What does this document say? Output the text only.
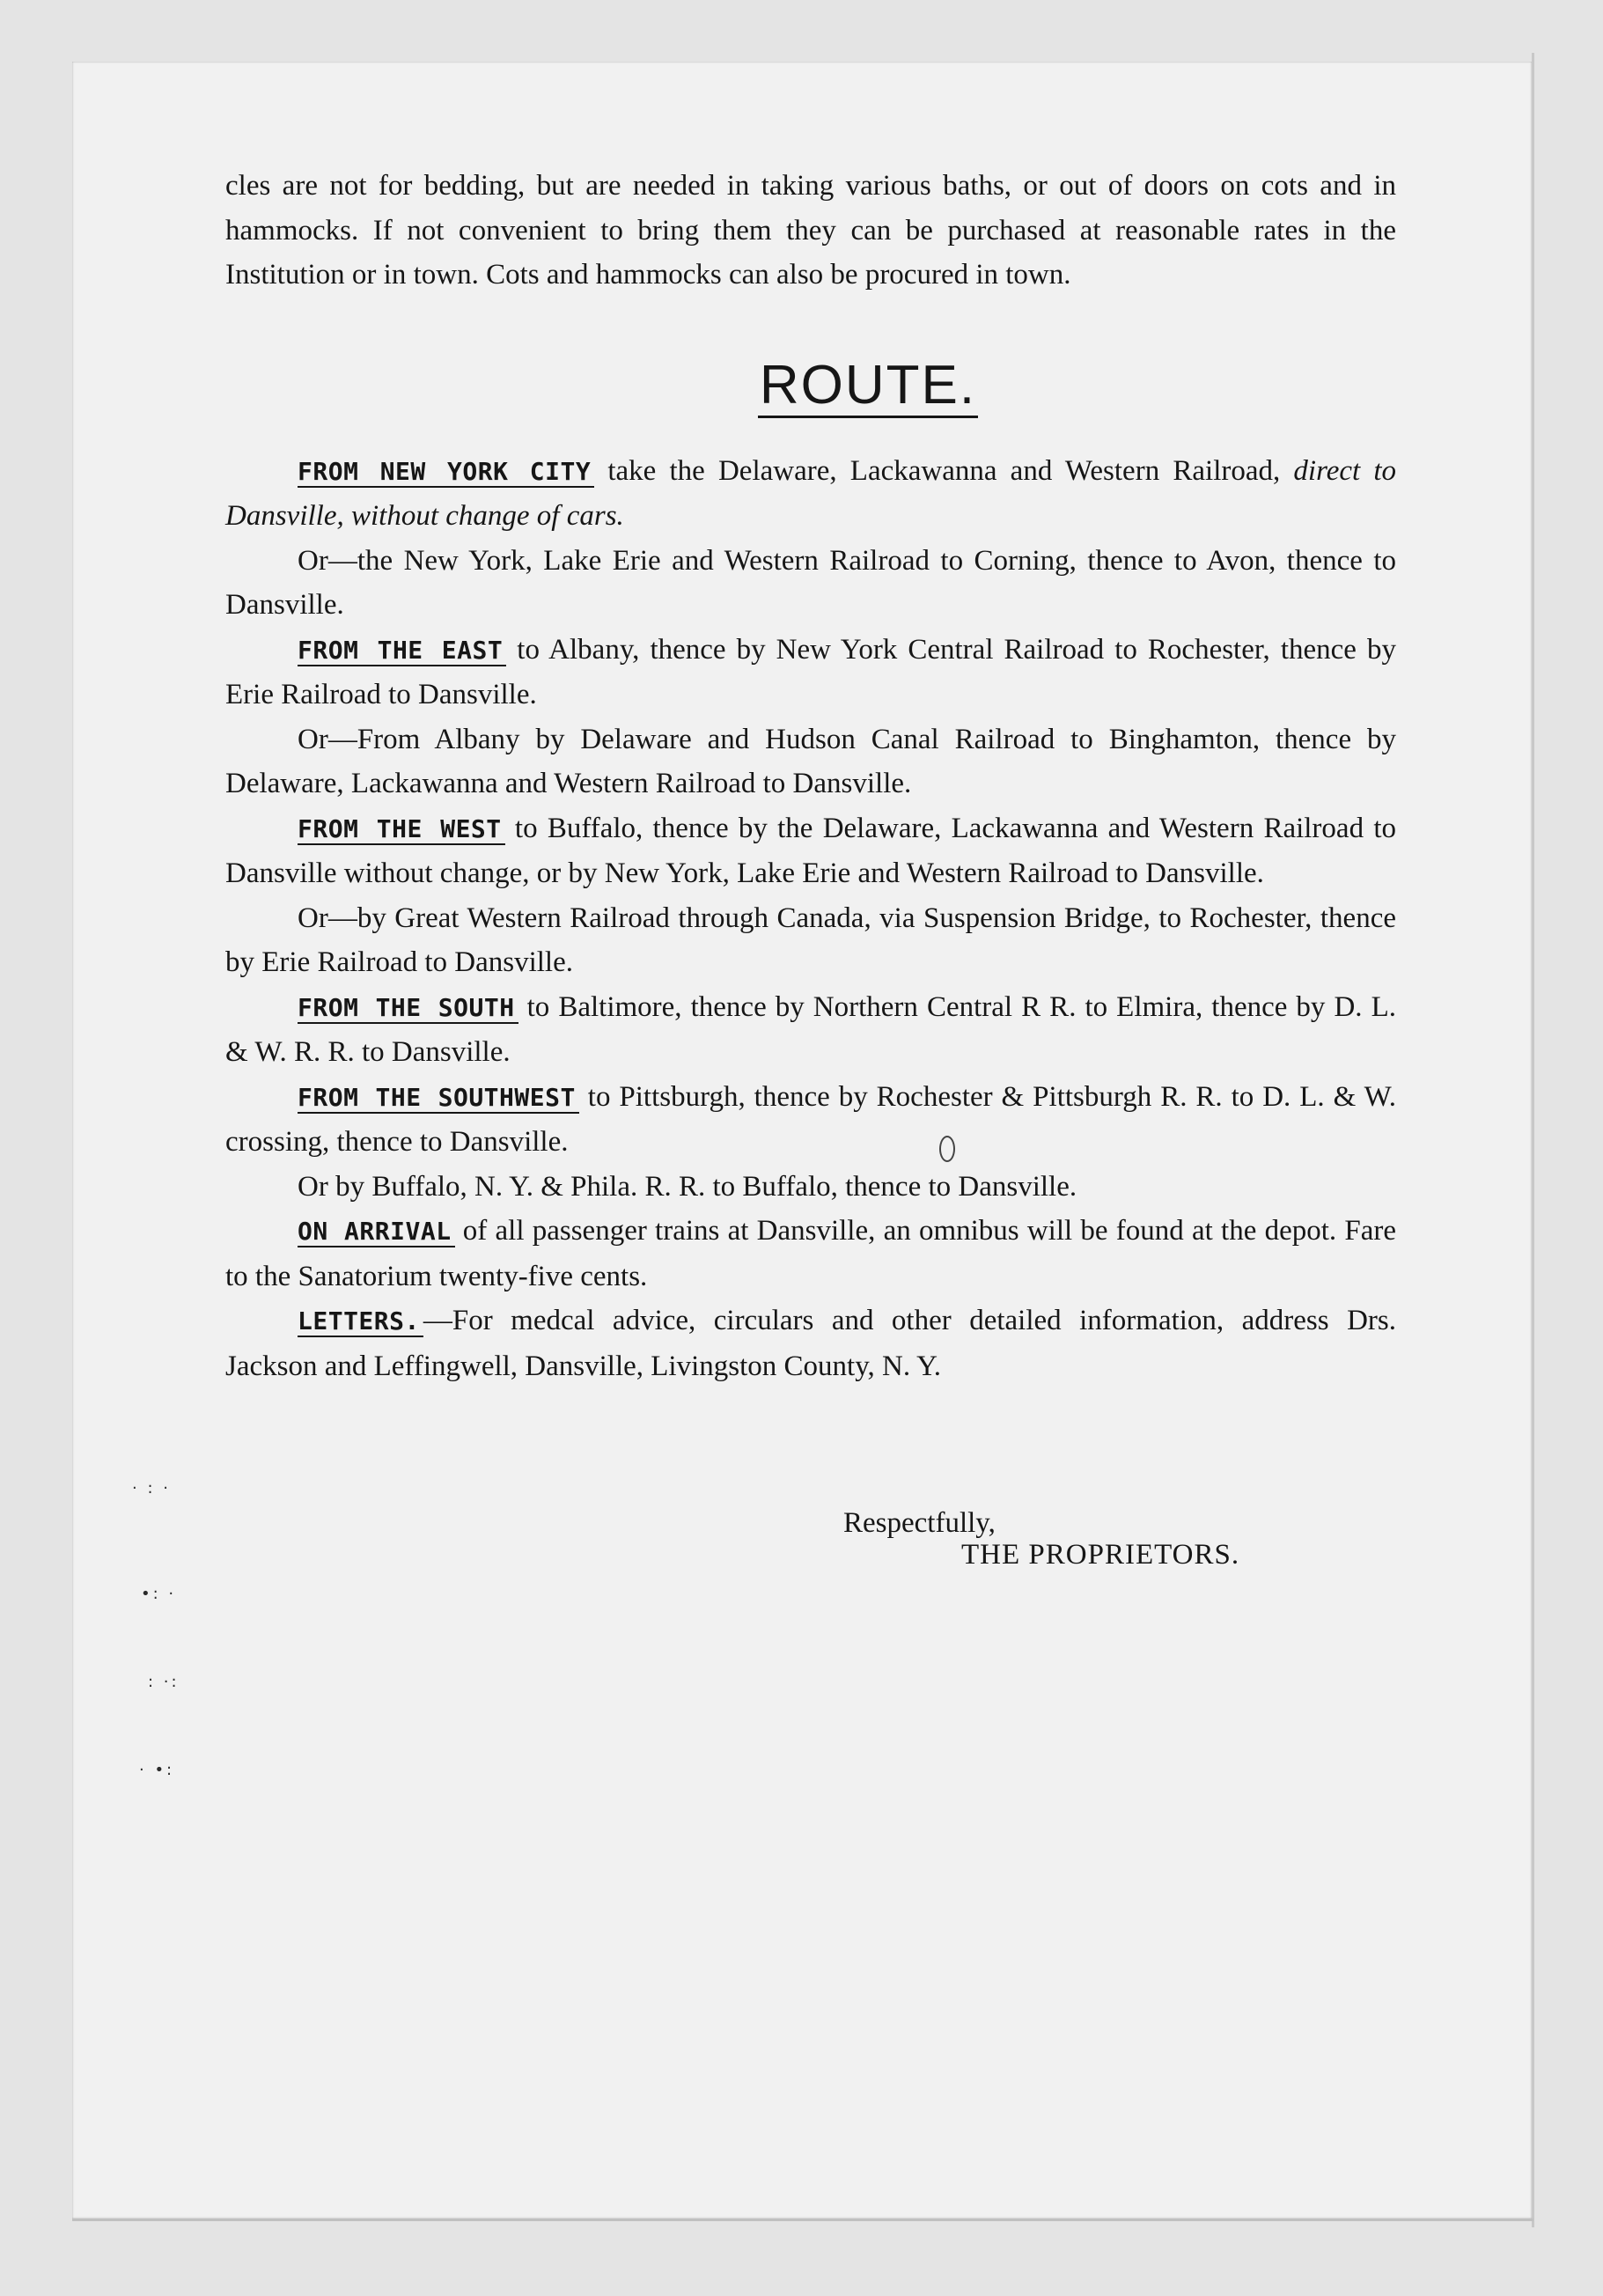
cles are not for bedding, but are needed in taking various baths, or out of doors on cots and in hammocks. If not convenient to bring them they can be purchased at reasonable rates in the Institution or in town. Cots and hammocks can also be procured in town.

ROUTE.

FROM NEW YORK CITY take the Delaware, Lackawanna and Western Railroad, direct to Dansville, without change of cars.

Or—the New York, Lake Erie and Western Railroad to Corning, thence to Avon, thence to Dansville.

FROM THE EAST to Albany, thence by New York Central Railroad to Rochester, thence by Erie Railroad to Dansville.

Or—From Albany by Delaware and Hudson Canal Railroad to Binghamton, thence by Delaware, Lackawanna and Western Railroad to Dansville.

FROM THE WEST to Buffalo, thence by the Delaware, Lackawanna and Western Railroad to Dansville without change, or by New York, Lake Erie and Western Railroad to Dansville.

Or—by Great Western Railroad through Canada, via Suspension Bridge, to Rochester, thence by Erie Railroad to Dansville.

FROM THE SOUTH to Baltimore, thence by Northern Central R R. to Elmira, thence by D. L. & W. R. R. to Dansville.

FROM THE SOUTHWEST to Pittsburgh, thence by Rochester & Pittsburgh R. R. to D. L. & W. crossing, thence to Dansville.

Or by Buffalo, N. Y. & Phila. R. R. to Buffalo, thence to Dansville.

ON ARRIVAL of all passenger trains at Dansville, an omnibus will be found at the depot. Fare to the Sanatorium twenty-five cents.

LETTERS. —For medcal advice, circulars and other detailed information, address Drs. Jackson and Leffingwell, Dansville, Livingston County, N. Y.

Respectfully,
THE PROPRIETORS.
· : ·
•: ·
: ·:
· •:
